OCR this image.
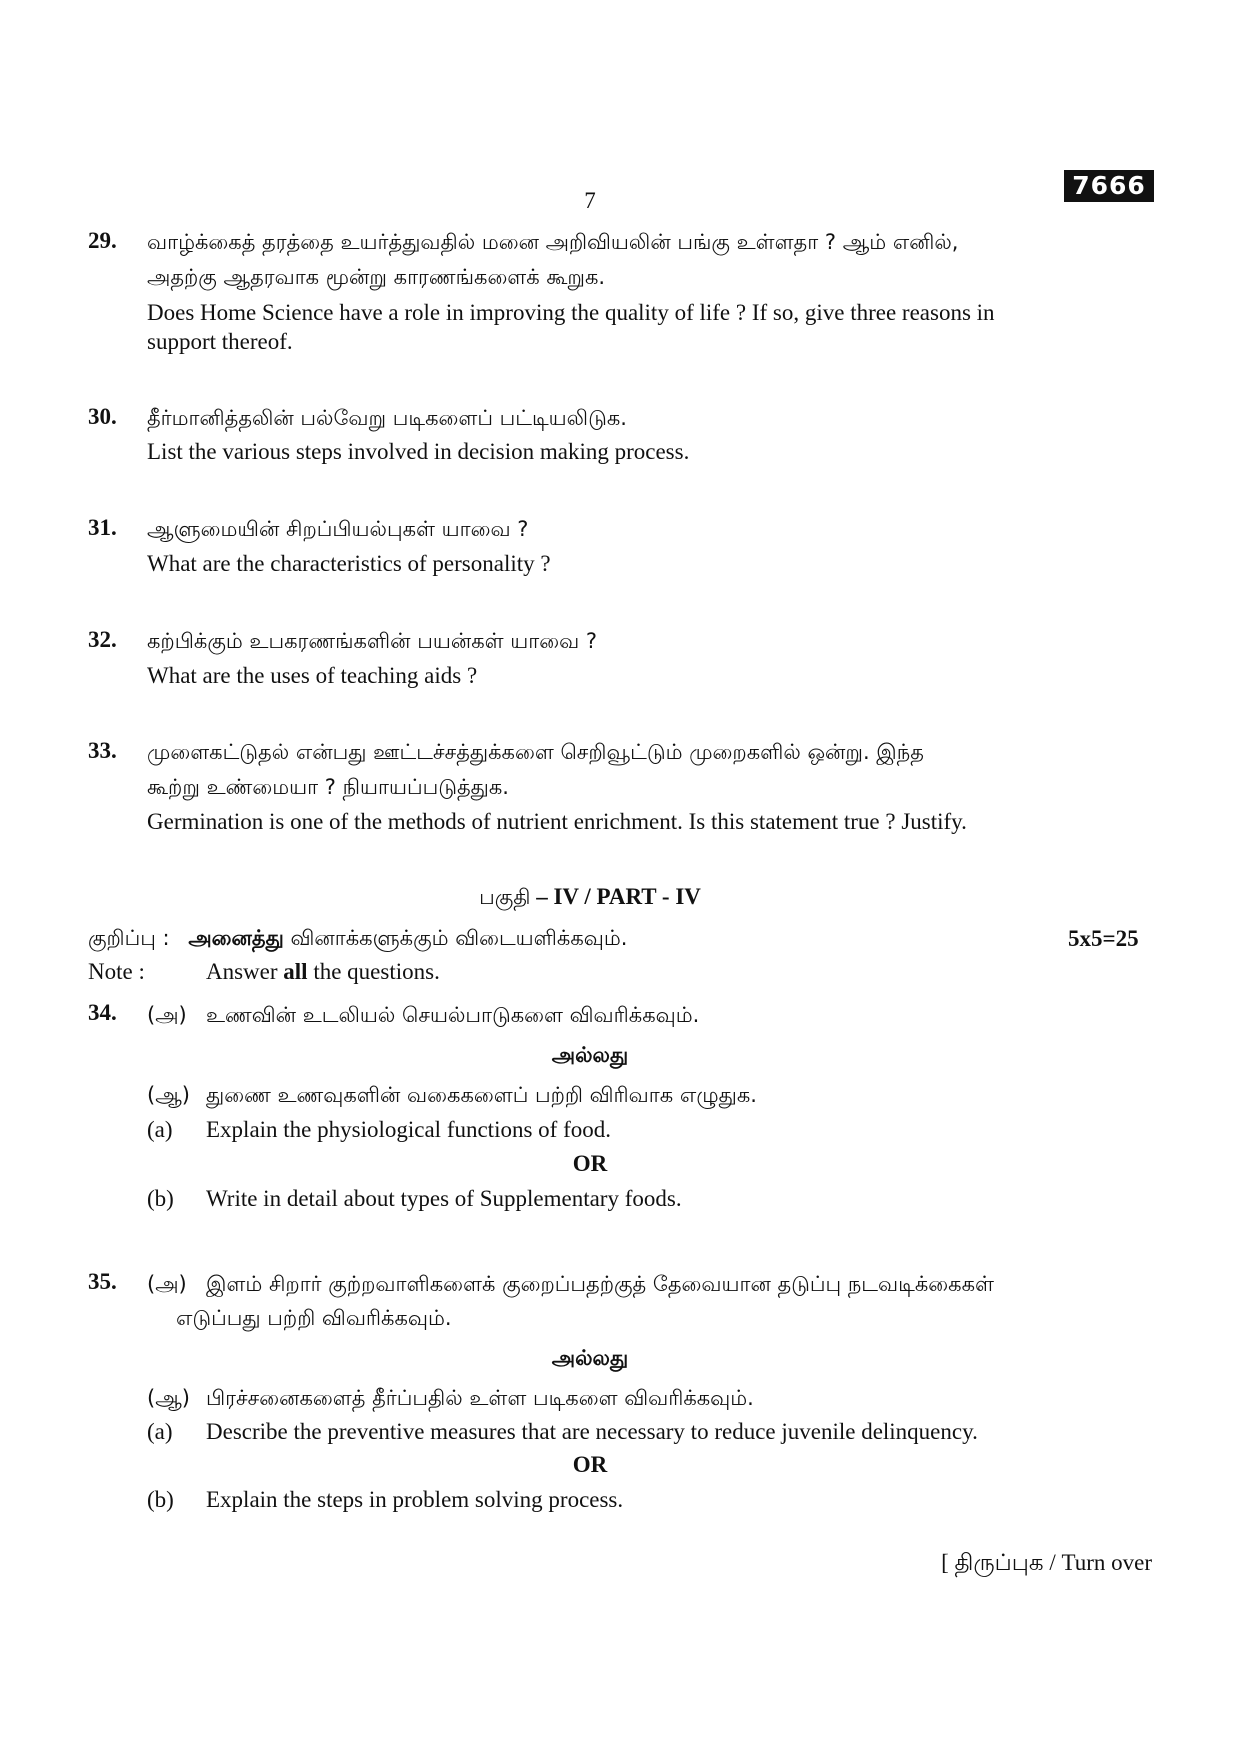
7666
7
29. வாழ்க்கைத் தரத்தை உயர்த்துவதில் மனை அறிவியலின் பங்கு உள்ளதா ? ஆம் எனில்,
அதற்கு ஆதரவாக மூன்று காரணங்களைக் கூறுக.
Does Home Science have a role in improving the quality of life ? If so, give three reasons in
support thereof.
30. தீர்மானித்தலின் பல்வேறு படிகளைப் பட்டியலிடுக.
List the various steps involved in decision making process.
31. ஆளுமையின் சிறப்பியல்புகள் யாவை ?
What are the characteristics of personality ?
32. கற்பிக்கும் உபகரணங்களின் பயன்கள் யாவை ?
What are the uses of teaching aids ?
33. முளைகட்டுதல் என்பது ஊட்டச்சத்துக்களை செறிவூட்டும் முறைகளில் ஒன்று. இந்த
கூற்று உண்மையா ? நியாயப்படுத்துக.
Germination is one of the methods of nutrient enrichment. Is this statement true ? Justify.
பகுதி – IV / PART - IV
குறிப்பு : அனைத்து வினாக்களுக்கும் விடையளிக்கவும்.	5x5=25
Note :	Answer all the questions.
34. (அ) உணவின் உடலியல் செயல்பாடுகளை விவரிக்கவும்.
அல்லது
(ஆ) துணை உணவுகளின் வகைகளைப் பற்றி விரிவாக எழுதுக.
(a) Explain the physiological functions of food.
OR
(b) Write in detail about types of Supplementary foods.
35. (அ) இளம் சிறார் குற்றவாளிகளைக் குறைப்பதற்குத் தேவையான தடுப்பு நடவடிக்கைகள்
எடுப்பது பற்றி விவரிக்கவும்.
அல்லது
(ஆ) பிரச்சனைகளைத் தீர்ப்பதில் உள்ள படிகளை விவரிக்கவும்.
(a) Describe the preventive measures that are necessary to reduce juvenile delinquency.
OR
(b) Explain the steps in problem solving process.
[ திருப்புக / Turn over
